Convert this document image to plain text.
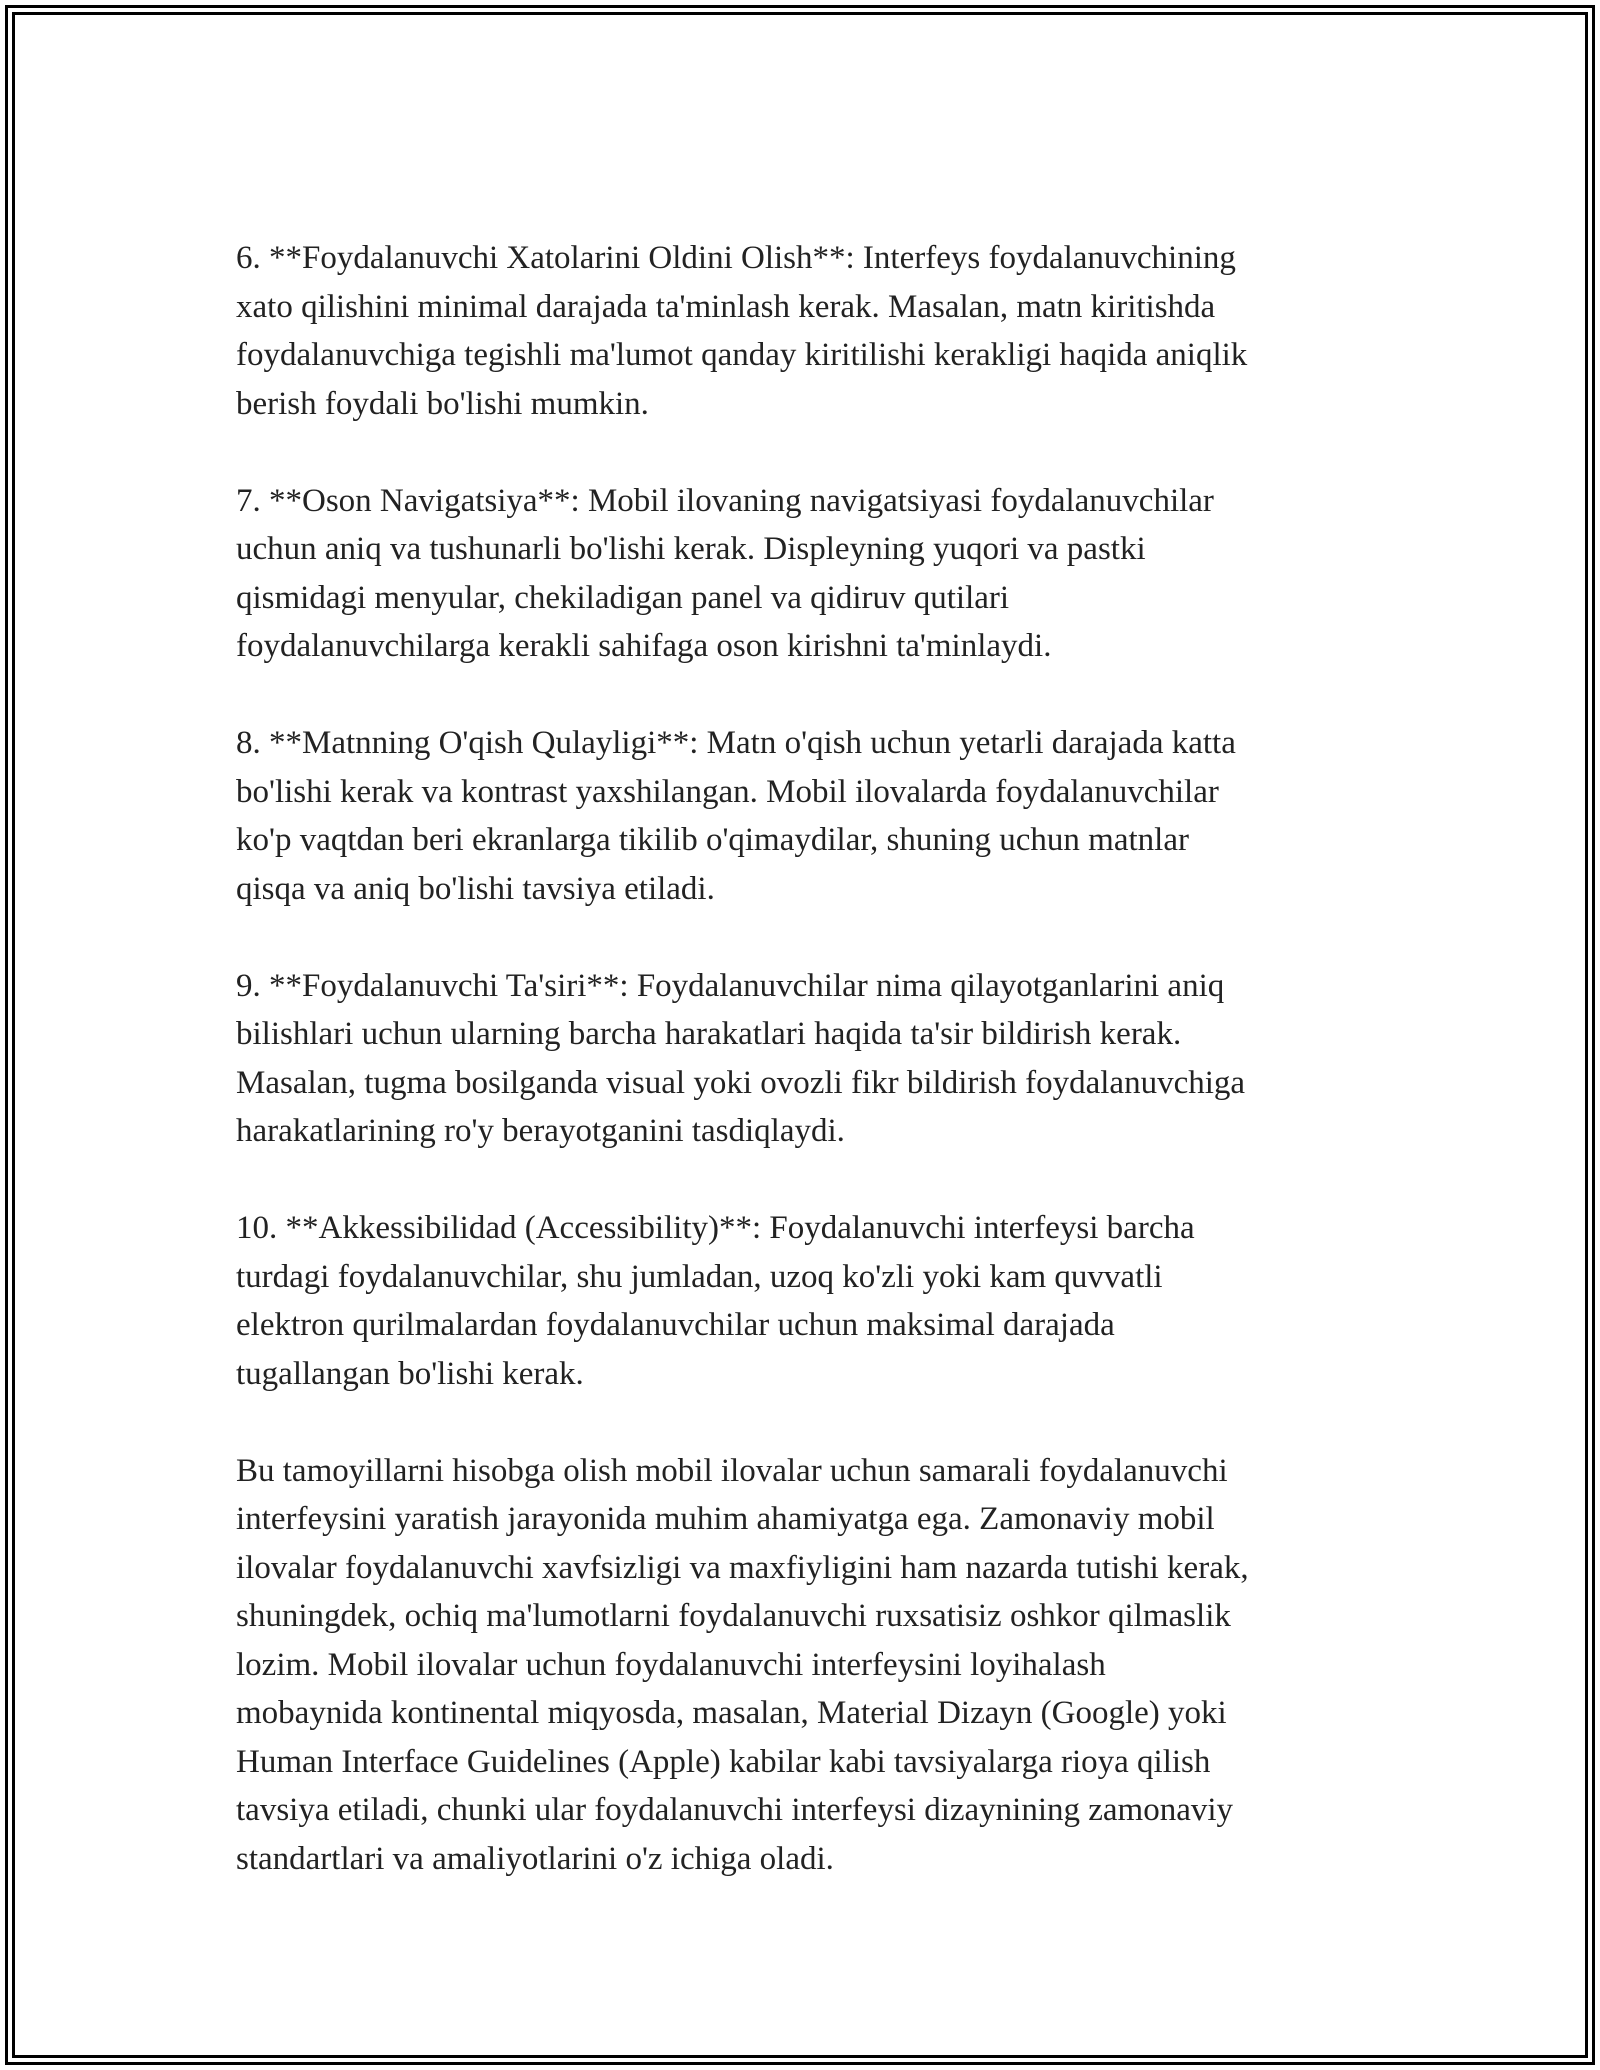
6. **Foydalanuvchi Xatolarini Oldini Olish**: Interfeys foydalanuvchining
xato qilishini minimal darajada ta'minlash kerak. Masalan, matn kiritishda
foydalanuvchiga tegishli ma'lumot qanday kiritilishi kerakligi haqida aniqlik
berish foydali bo'lishi mumkin.

7. **Oson Navigatsiya**: Mobil ilovaning navigatsiyasi foydalanuvchilar
uchun aniq va tushunarli bo'lishi kerak. Displeyning yuqori va pastki
qismidagi menyular, chekiladigan panel va qidiruv qutilari
foydalanuvchilarga kerakli sahifaga oson kirishni ta'minlaydi.

8. **Matnning O'qish Qulayligi**: Matn o'qish uchun yetarli darajada katta
bo'lishi kerak va kontrast yaxshilangan. Mobil ilovalarda foydalanuvchilar
ko'p vaqtdan beri ekranlarga tikilib o'qimaydilar, shuning uchun matnlar
qisqa va aniq bo'lishi tavsiya etiladi.

9. **Foydalanuvchi Ta'siri**: Foydalanuvchilar nima qilayotganlarini aniq
bilishlari uchun ularning barcha harakatlari haqida ta'sir bildirish kerak.
Masalan, tugma bosilganda visual yoki ovozli fikr bildirish foydalanuvchiga
harakatlarining ro'y berayotganini tasdiqlaydi.

10. **Akkessibilidad (Accessibility)**: Foydalanuvchi interfeysi barcha
turdagi foydalanuvchilar, shu jumladan, uzoq ko'zli yoki kam quvvatli
elektron qurilmalardan foydalanuvchilar uchun maksimal darajada
tugallangan bo'lishi kerak.

Bu tamoyillarni hisobga olish mobil ilovalar uchun samarali foydalanuvchi
interfeysini yaratish jarayonida muhim ahamiyatga ega. Zamonaviy mobil
ilovalar foydalanuvchi xavfsizligi va maxfiyligini ham nazarda tutishi kerak,
shuningdek, ochiq ma'lumotlarni foydalanuvchi ruxsatisiz oshkor qilmaslik
lozim. Mobil ilovalar uchun foydalanuvchi interfeysini loyihalash
mobaynida kontinental miqyosda, masalan, Material Dizayn (Google) yoki
Human Interface Guidelines (Apple) kabilar kabi tavsiyalarga rioya qilish
tavsiya etiladi, chunki ular foydalanuvchi interfeysi dizaynining zamonaviy
standartlari va amaliyotlarini o'z ichiga oladi.
